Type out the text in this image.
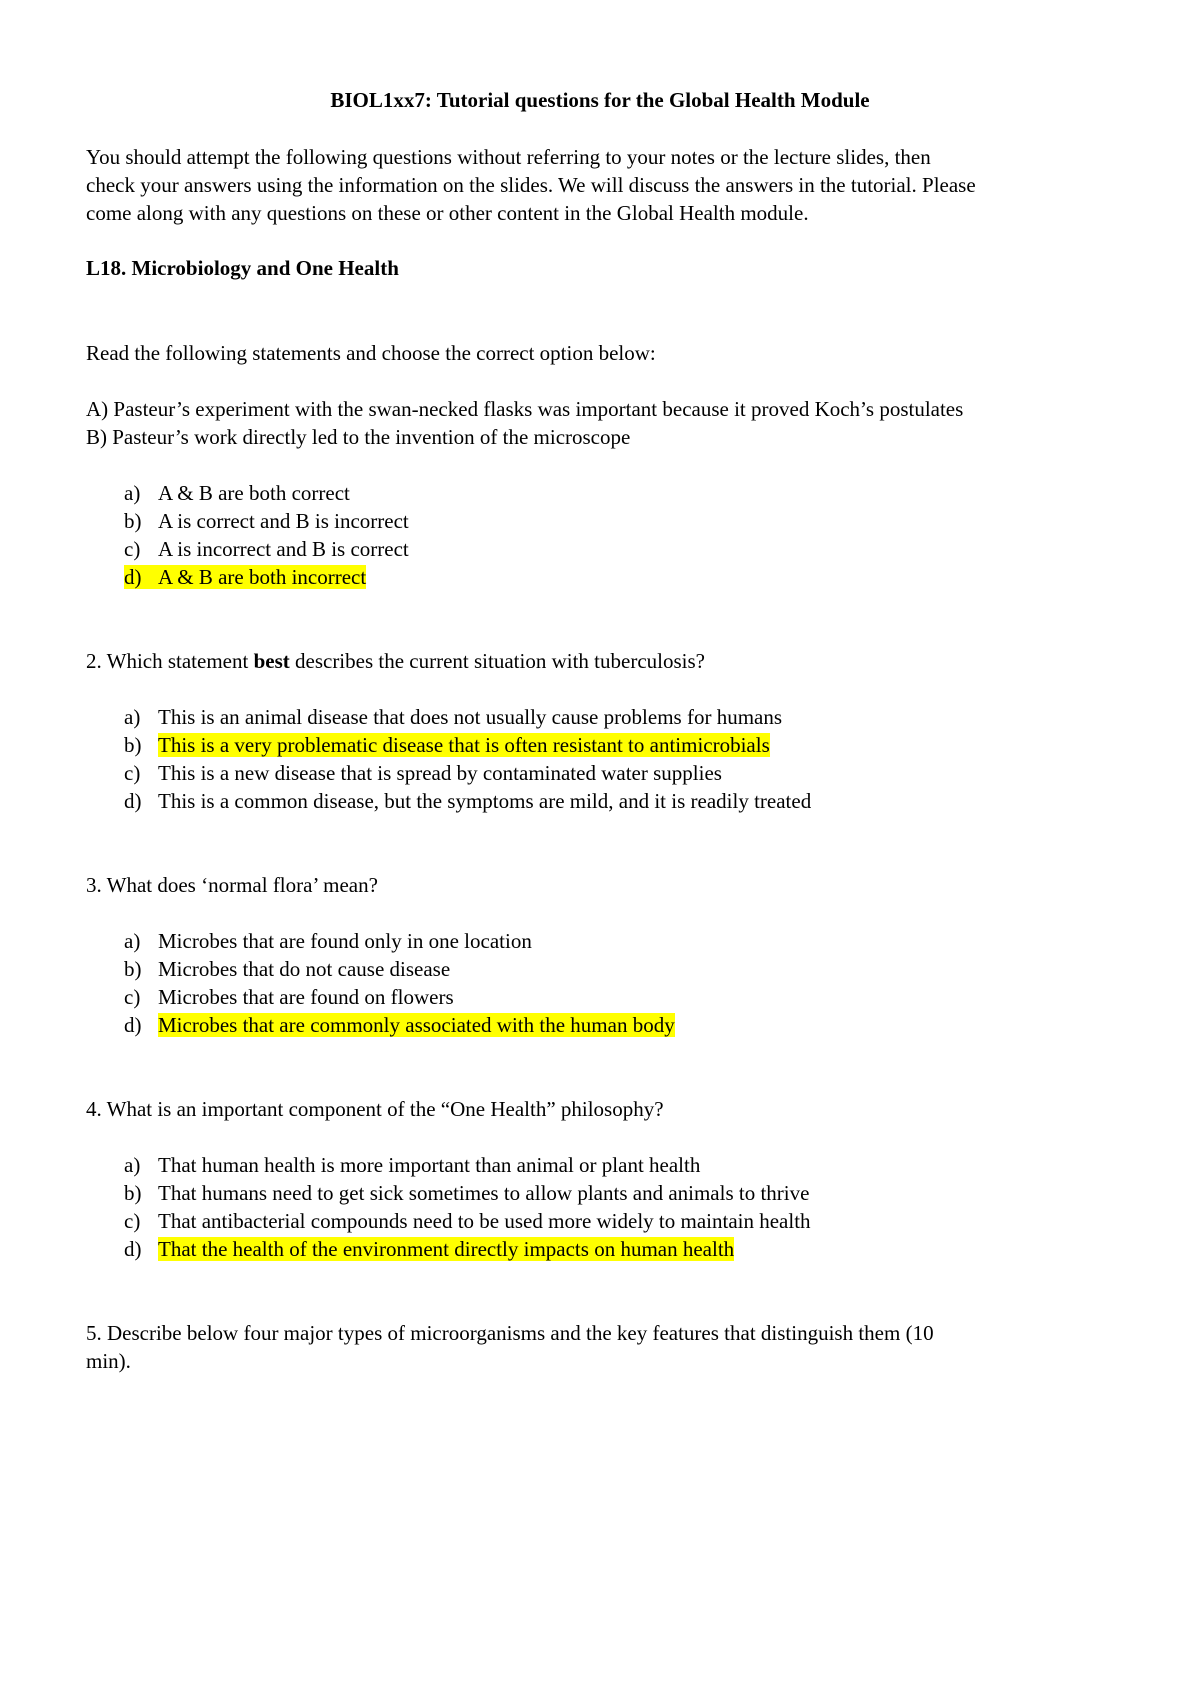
BIOL1xx7: Tutorial questions for the Global Health Module
You should attempt the following questions without referring to your notes or the lecture slides, then
check your answers using the information on the slides. We will discuss the answers in the tutorial. Please
come along with any questions on these or other content in the Global Health module.
L18. Microbiology and One Health
Read the following statements and choose the correct option below:
A) Pasteur’s experiment with the swan-necked flasks was important because it proved Koch’s postulates
B) Pasteur’s work directly led to the invention of the microscope
a) A & B are both correct
b) A is correct and B is incorrect
c) A is incorrect and B is correct
d) A & B are both incorrect
2. Which statement best describes the current situation with tuberculosis?
a) This is an animal disease that does not usually cause problems for humans
b) This is a very problematic disease that is often resistant to antimicrobials
c) This is a new disease that is spread by contaminated water supplies
d) This is a common disease, but the symptoms are mild, and it is readily treated
3. What does ‘normal flora’ mean?
a) Microbes that are found only in one location
b) Microbes that do not cause disease
c) Microbes that are found on flowers
d) Microbes that are commonly associated with the human body
4. What is an important component of the “One Health” philosophy?
a) That human health is more important than animal or plant health
b) That humans need to get sick sometimes to allow plants and animals to thrive
c) That antibacterial compounds need to be used more widely to maintain health
d) That the health of the environment directly impacts on human health
5. Describe below four major types of microorganisms and the key features that distinguish them (10
min).
